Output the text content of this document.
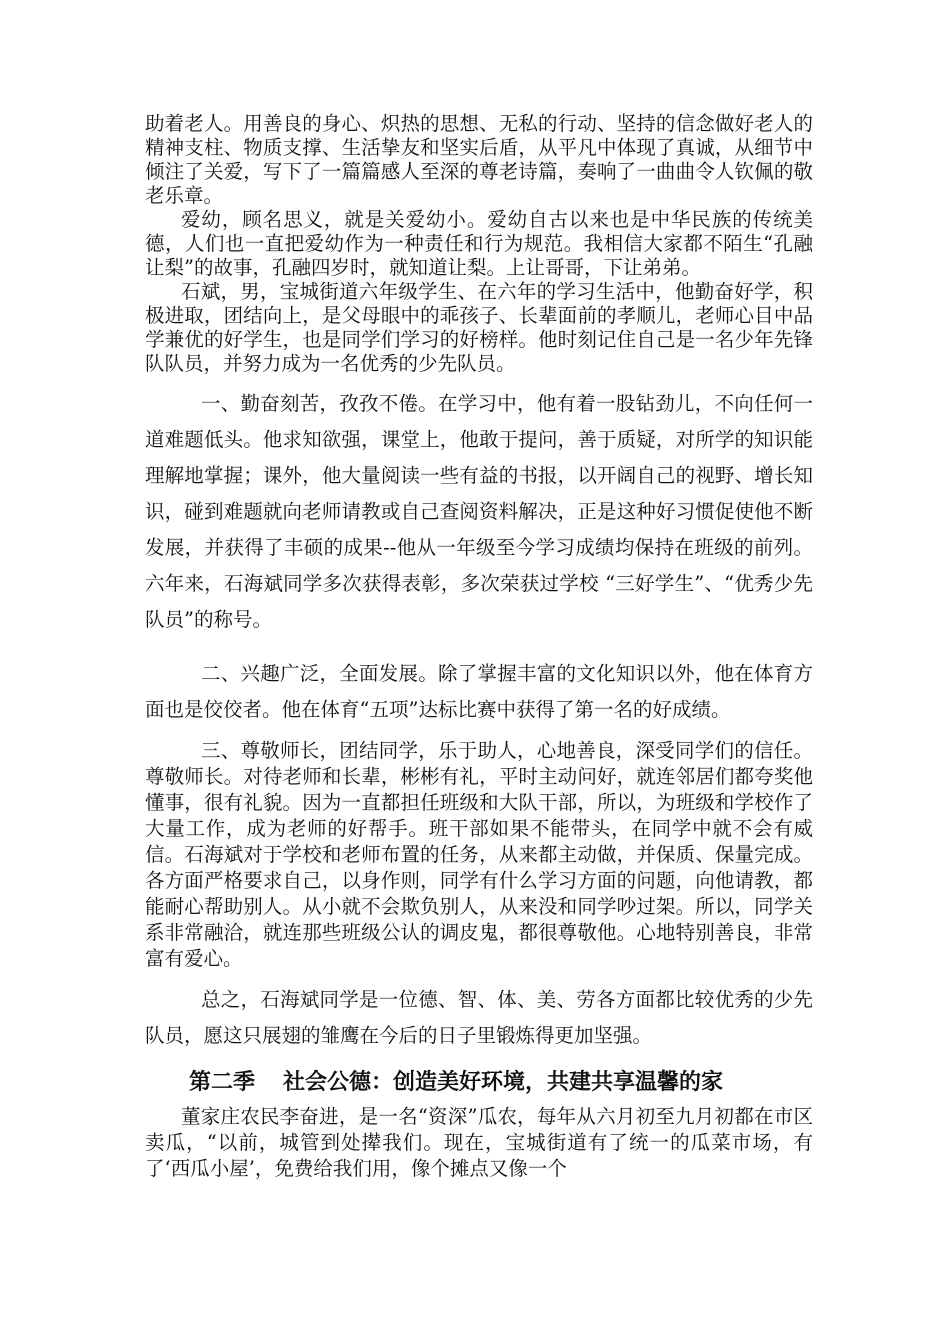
助着老人。用善良的身心、炽热的思想、无私的行动、坚持的信念做好老人的精神支柱、物质支撑、生活挚友和坚实后盾，从平凡中体现了真诚，从细节中倾注了关爱，写下了一篇篇感人至深的尊老诗篇，奏响了一曲曲令人钦佩的敬老乐章。

爱幼，顾名思义，就是关爱幼小。爱幼自古以来也是中华民族的传统美德，人们也一直把爱幼作为一种责任和行为规范。我相信大家都不陌生“孔融让梨”的故事，孔融四岁时，就知道让梨。上让哥哥，下让弟弟。

石斌，男，宝城街道六年级学生、在六年的学习生活中，他勤奋好学，积极进取，团结向上，是父母眼中的乖孩子、长辈面前的孝顺儿，老师心目中品学兼优的好学生，也是同学们学习的好榜样。他时刻记住自己是一名少年先锋队队员，并努力成为一名优秀的少先队员。

一、勤奋刻苦，孜孜不倦。在学习中，他有着一股钻劲儿，不向任何一道难题低头。他求知欲强，课堂上，他敢于提问，善于质疑，对所学的知识能理解地掌握；课外，他大量阅读一些有益的书报，以开阔自己的视野、增长知识，碰到难题就向老师请教或自己查阅资料解决，正是这种好习惯促使他不断发展，并获得了丰硕的成果--他从一年级至今学习成绩均保持在班级的前列。六年来，石海斌同学多次获得表彰，多次荣获过学校 “三好学生”、“优秀少先队员”的称号。

二、兴趣广泛，全面发展。除了掌握丰富的文化知识以外，他在体育方面也是佼佼者。他在体育“五项”达标比赛中获得了第一名的好成绩。

三、尊敬师长，团结同学，乐于助人，心地善良，深受同学们的信任。尊敬师长。对待老师和长辈，彬彬有礼，平时主动问好，就连邻居们都夸奖他懂事，很有礼貌。因为一直都担任班级和大队干部，所以，为班级和学校作了大量工作，成为老师的好帮手。班干部如果不能带头，在同学中就不会有威信。石海斌对于学校和老师布置的任务，从来都主动做，并保质、保量完成。各方面严格要求自己，以身作则，同学有什么学习方面的问题，向他请教，都能耐心帮助别人。从小就不会欺负别人，从来没和同学吵过架。所以，同学关系非常融洽，就连那些班级公认的调皮鬼，都很尊敬他。心地特别善良，非常富有爱心。

总之，石海斌同学是一位德、智、体、美、劳各方面都比较优秀的少先队员，愿这只展翅的雏鹰在今后的日子里锻炼得更加坚强。

第二季 社会公德：创造美好环境，共建共享温馨的家

董家庄农民李奋进，是一名“资深”瓜农，每年从六月初至九月初都在市区卖瓜，“以前，城管到处撵我们。现在，宝城街道有了统一的瓜菜市场，有了‘西瓜小屋’，免费给我们用，像个摊点又像一个
